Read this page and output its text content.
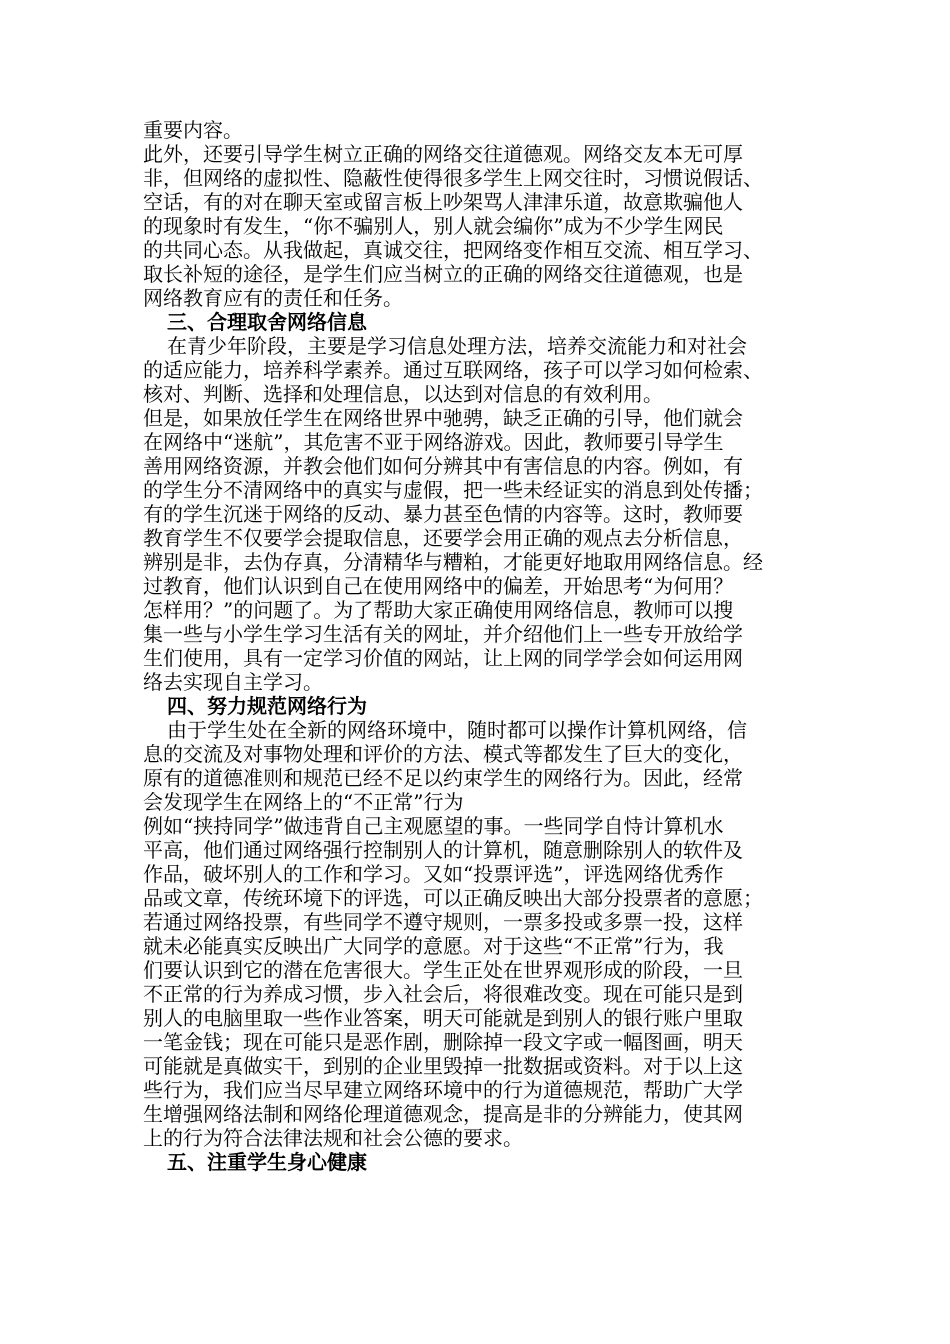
重要内容。
此外，还要引导学生树立正确的网络交往道德观。网络交友本无可厚
非，但网络的虚拟性、隐蔽性使得很多学生上网交往时，习惯说假话、
空话，有的对在聊天室或留言板上吵架骂人津津乐道，故意欺骗他人
的现象时有发生，“你不骗别人，别人就会编你”成为不少学生网民
的共同心态。从我做起，真诚交往，把网络变作相互交流、相互学习、
取长补短的途径，是学生们应当树立的正确的网络交往道德观，也是
网络教育应有的责任和任务。
三、合理取舍网络信息
在青少年阶段，主要是学习信息处理方法，培养交流能力和对社会
的适应能力，培养科学素养。通过互联网络，孩子可以学习如何检索、
核对、判断、选择和处理信息，以达到对信息的有效利用。
但是，如果放任学生在网络世界中驰骋，缺乏正确的引导，他们就会
在网络中“迷航”，其危害不亚于网络游戏。因此，教师要引导学生
善用网络资源，并教会他们如何分辨其中有害信息的内容。例如，有
的学生分不清网络中的真实与虚假，把一些未经证实的消息到处传播；
有的学生沉迷于网络的反动、暴力甚至色情的内容等。这时，教师要
教育学生不仅要学会提取信息，还要学会用正确的观点去分析信息，
辨别是非，去伪存真，分清精华与糟粕，才能更好地取用网络信息。经
过教育，他们认识到自己在使用网络中的偏差，开始思考“为何用？
怎样用？”的问题了。为了帮助大家正确使用网络信息，教师可以搜
集一些与小学生学习生活有关的网址，并介绍他们上一些专开放给学
生们使用，具有一定学习价值的网站，让上网的同学学会如何运用网
络去实现自主学习。
四、努力规范网络行为
由于学生处在全新的网络环境中，随时都可以操作计算机网络，信
息的交流及对事物处理和评价的方法、模式等都发生了巨大的变化，
原有的道德准则和规范已经不足以约束学生的网络行为。因此，经常
会发现学生在网络上的“不正常”行为
例如“挟持同学”做违背自己主观愿望的事。一些同学自恃计算机水
平高，他们通过网络强行控制别人的计算机，随意删除别人的软件及
作品，破坏别人的工作和学习。又如“投票评选”，评选网络优秀作
品或文章，传统环境下的评选，可以正确反映出大部分投票者的意愿；
若通过网络投票，有些同学不遵守规则，一票多投或多票一投，这样
就未必能真实反映出广大同学的意愿。对于这些“不正常”行为，我
们要认识到它的潜在危害很大。学生正处在世界观形成的阶段，一旦
不正常的行为养成习惯，步入社会后，将很难改变。现在可能只是到
别人的电脑里取一些作业答案，明天可能就是到别人的银行账户里取
一笔金钱；现在可能只是恶作剧，删除掉一段文字或一幅图画，明天
可能就是真做实干，到别的企业里毁掉一批数据或资料。对于以上这
些行为，我们应当尽早建立网络环境中的行为道德规范，帮助广大学
生增强网络法制和网络伦理道德观念，提高是非的分辨能力，使其网
上的行为符合法律法规和社会公德的要求。
五、注重学生身心健康
